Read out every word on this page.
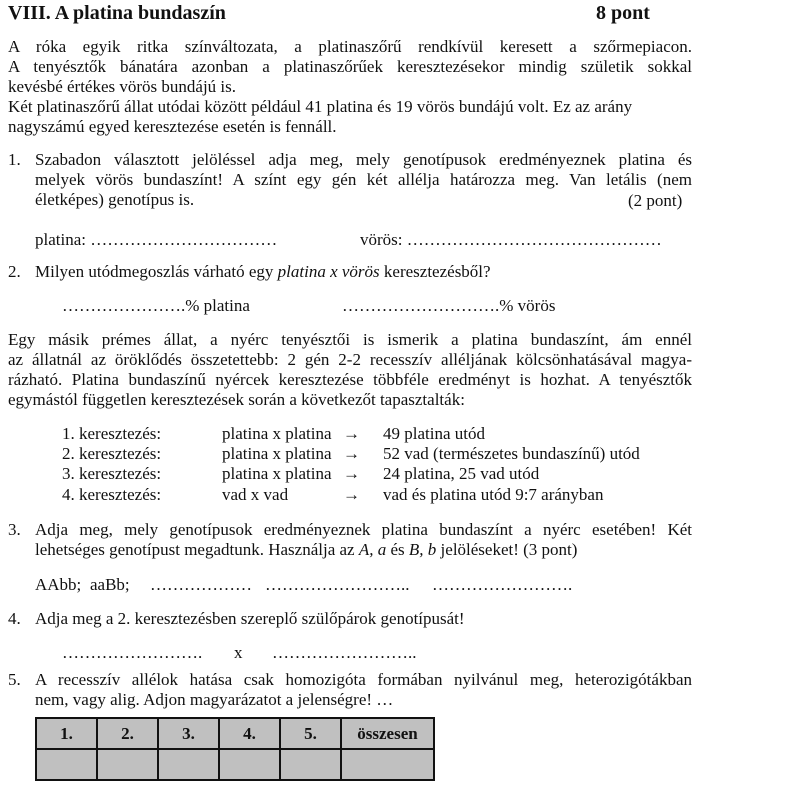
VIII. A platina bundaszín	8 pont
A róka egyik ritka színváltozata, a platinaszőrű rendkívül keresett a szőrmepiacon.
A tenyésztők bánatára azonban a platinaszőrűek keresztezésekor mindig születik sokkal
kevésbé értékes vörös bundájú is.
Két platinaszőrű állat utódai között például 41 platina és 19 vörös bundájú volt. Ez az arány
nagyszámú egyed keresztezése esetén is fennáll.
1. Szabadon választott jelöléssel adja meg, mely genotípusok eredményeznek platina és
melyek vörös bundaszínt! A színt egy gén két allélja határozza meg. Van letális (nem
életképes) genotípus is.	(2 pont)
platina: ……………………………	vörös: ………………………………………
2. Milyen utódmegoszlás várható egy platina x vörös keresztezésből?
………………….% platina	……………………….% vörös
Egy másik prémes állat, a nyérc tenyésztői is ismerik a platina bundaszínt, ám ennél
az állatnál az öröklődés összetettebb: 2 gén 2-2 recesszív alléljának kölcsönhatásával magya-
rázható. Platina bundaszínű nyércek keresztezése többféle eredményt is hozhat. A tenyésztők
egymástól független keresztezések során a következőt tapasztalták:
1. keresztezés:	platina x platina → 49 platina utód
2. keresztezés:	platina x platina → 52 vad (természetes bundaszínű) utód
3. keresztezés:	platina x platina → 24 platina, 25 vad utód
4. keresztezés:	vad x vad	→ vad és platina utód 9:7 arányban
3. Adja meg, mely genotípusok eredményeznek platina bundaszínt a nyérc esetében! Két
lehetséges genotípust megadtunk. Használja az A, a és B, b jelöléseket! (3 pont)
AAbb; aaBb; ……………… …………………….. …………………….
4. Adja meg a 2. keresztezésben szereplő szülőpárok genotípusát!
……………………. x ……………………..
5. A recesszív allélok hatása csak homozigóta formában nyilvánul meg, heterozigótákban
nem, vagy alig. Adjon magyarázatot a jelenségre! …
1.	2.	3.	4.	5.	összesen
